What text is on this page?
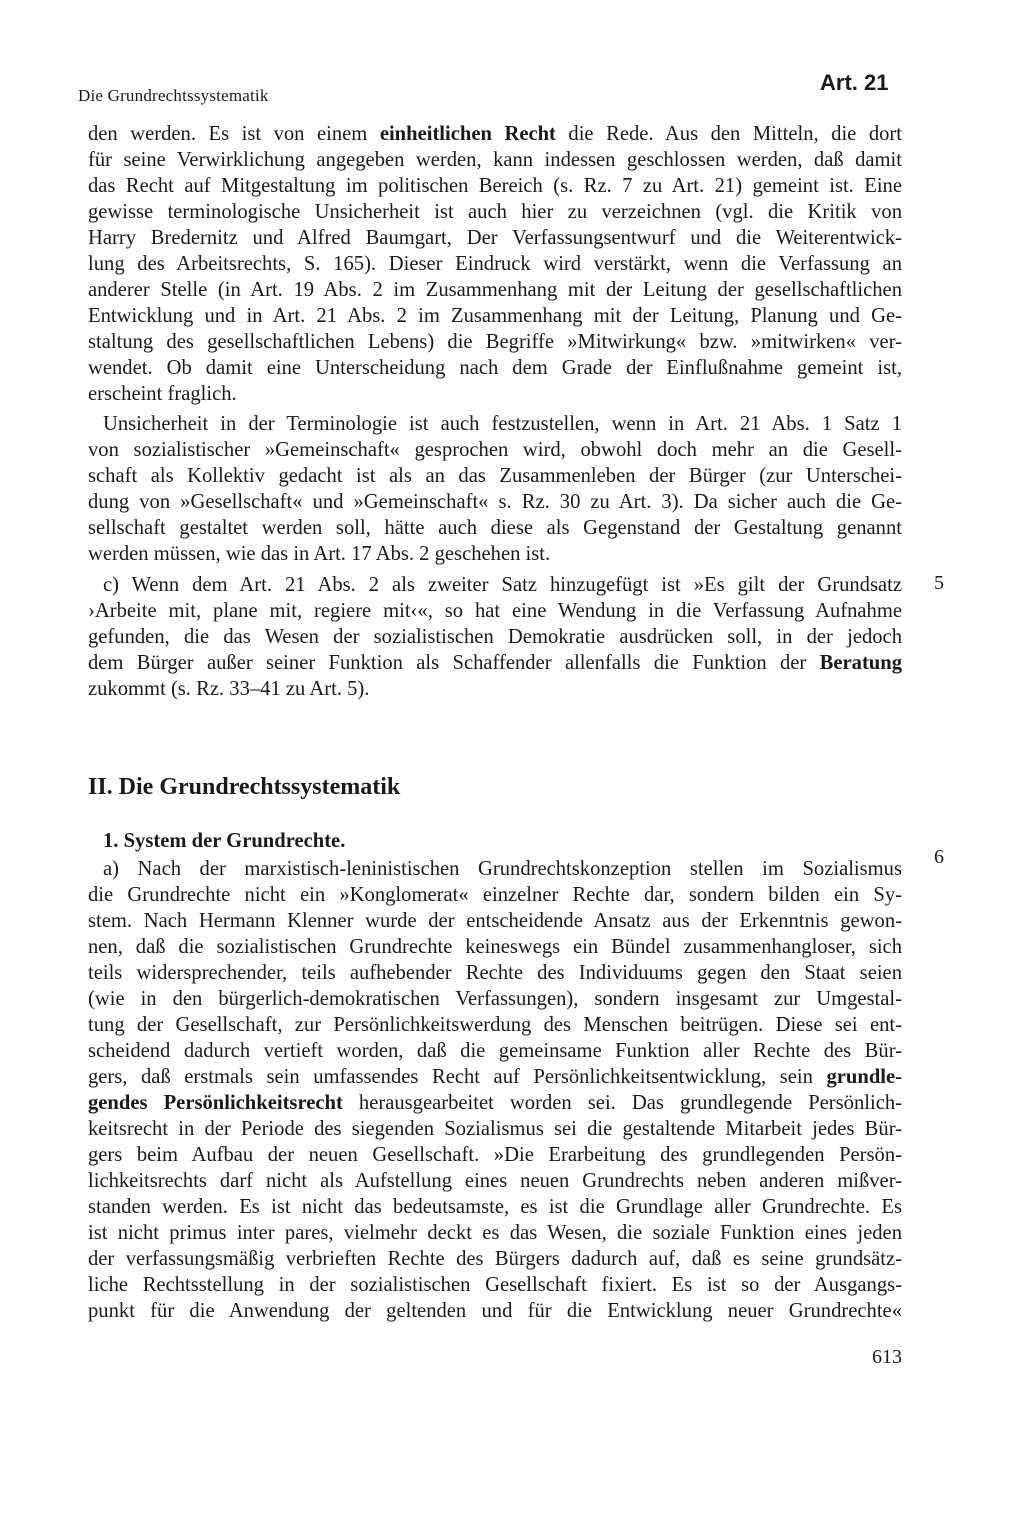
Die Grundrechtssystematik
Art. 21
den werden. Es ist von einem einheitlichen Recht die Rede. Aus den Mitteln, die dort
für seine Verwirklichung angegeben werden, kann indessen geschlossen werden, daß damit
das Recht auf Mitgestaltung im politischen Bereich (s. Rz. 7 zu Art. 21) gemeint ist. Eine
gewisse terminologische Unsicherheit ist auch hier zu verzeichnen (vgl. die Kritik von
Harry Bredernitz und Alfred Baumgart, Der Verfassungsentwurf und die Weiterentwick-
lung des Arbeitsrechts, S. 165). Dieser Eindruck wird verstärkt, wenn die Verfassung an
anderer Stelle (in Art. 19 Abs. 2 im Zusammenhang mit der Leitung der gesellschaftlichen
Entwicklung und in Art. 21 Abs. 2 im Zusammenhang mit der Leitung, Planung und Ge-
staltung des gesellschaftlichen Lebens) die Begriffe »Mitwirkung« bzw. »mitwirken« ver-
wendet. Ob damit eine Unterscheidung nach dem Grade der Einflußnahme gemeint ist,
erscheint fraglich.
Unsicherheit in der Terminologie ist auch festzustellen, wenn in Art. 21 Abs. 1 Satz 1
von sozialistischer »Gemeinschaft« gesprochen wird, obwohl doch mehr an die Gesell-
schaft als Kollektiv gedacht ist als an das Zusammenleben der Bürger (zur Unterschei-
dung von »Gesellschaft« und »Gemeinschaft« s. Rz. 30 zu Art. 3). Da sicher auch die Ge-
sellschaft gestaltet werden soll, hätte auch diese als Gegenstand der Gestaltung genannt
werden müssen, wie das in Art. 17 Abs. 2 geschehen ist.
5
c) Wenn dem Art. 21 Abs. 2 als zweiter Satz hinzugefügt ist »Es gilt der Grundsatz
›Arbeite mit, plane mit, regiere mit‹«, so hat eine Wendung in die Verfassung Aufnahme
gefunden, die das Wesen der sozialistischen Demokratie ausdrücken soll, in der jedoch
dem Bürger außer seiner Funktion als Schaffender allenfalls die Funktion der Beratung
zukommt (s. Rz. 33–41 zu Art. 5).
II. Die Grundrechtssystematik
1. System der Grundrechte.
6
a) Nach der marxistisch-leninistischen Grundrechtskonzeption stellen im Sozialismus
die Grundrechte nicht ein »Konglomerat« einzelner Rechte dar, sondern bilden ein Sy-
stem. Nach Hermann Klenner wurde der entscheidende Ansatz aus der Erkenntnis gewon-
nen, daß die sozialistischen Grundrechte keineswegs ein Bündel zusammenhangloser, sich
teils widersprechender, teils aufhebender Rechte des Individuums gegen den Staat seien
(wie in den bürgerlich-demokratischen Verfassungen), sondern insgesamt zur Umgestal-
tung der Gesellschaft, zur Persönlichkeitswerdung des Menschen beitrügen. Diese sei ent-
scheidend dadurch vertieft worden, daß die gemeinsame Funktion aller Rechte des Bür-
gers, daß erstmals sein umfassendes Recht auf Persönlichkeitsentwicklung, sein grundle-
gendes Persönlichkeitsrecht herausgearbeitet worden sei. Das grundlegende Persönlich-
keitsrecht in der Periode des siegenden Sozialismus sei die gestaltende Mitarbeit jedes Bür-
gers beim Aufbau der neuen Gesellschaft. »Die Erarbeitung des grundlegenden Persön-
lichkeitsrechts darf nicht als Aufstellung eines neuen Grundrechts neben anderen mißver-
standen werden. Es ist nicht das bedeutsamste, es ist die Grundlage aller Grundrechte. Es
ist nicht primus inter pares, vielmehr deckt es das Wesen, die soziale Funktion eines jeden
der verfassungsmäßig verbrieften Rechte des Bürgers dadurch auf, daß es seine grundsätz-
liche Rechtsstellung in der sozialistischen Gesellschaft fixiert. Es ist so der Ausgangs-
punkt für die Anwendung der geltenden und für die Entwicklung neuer Grundrechte«
613
